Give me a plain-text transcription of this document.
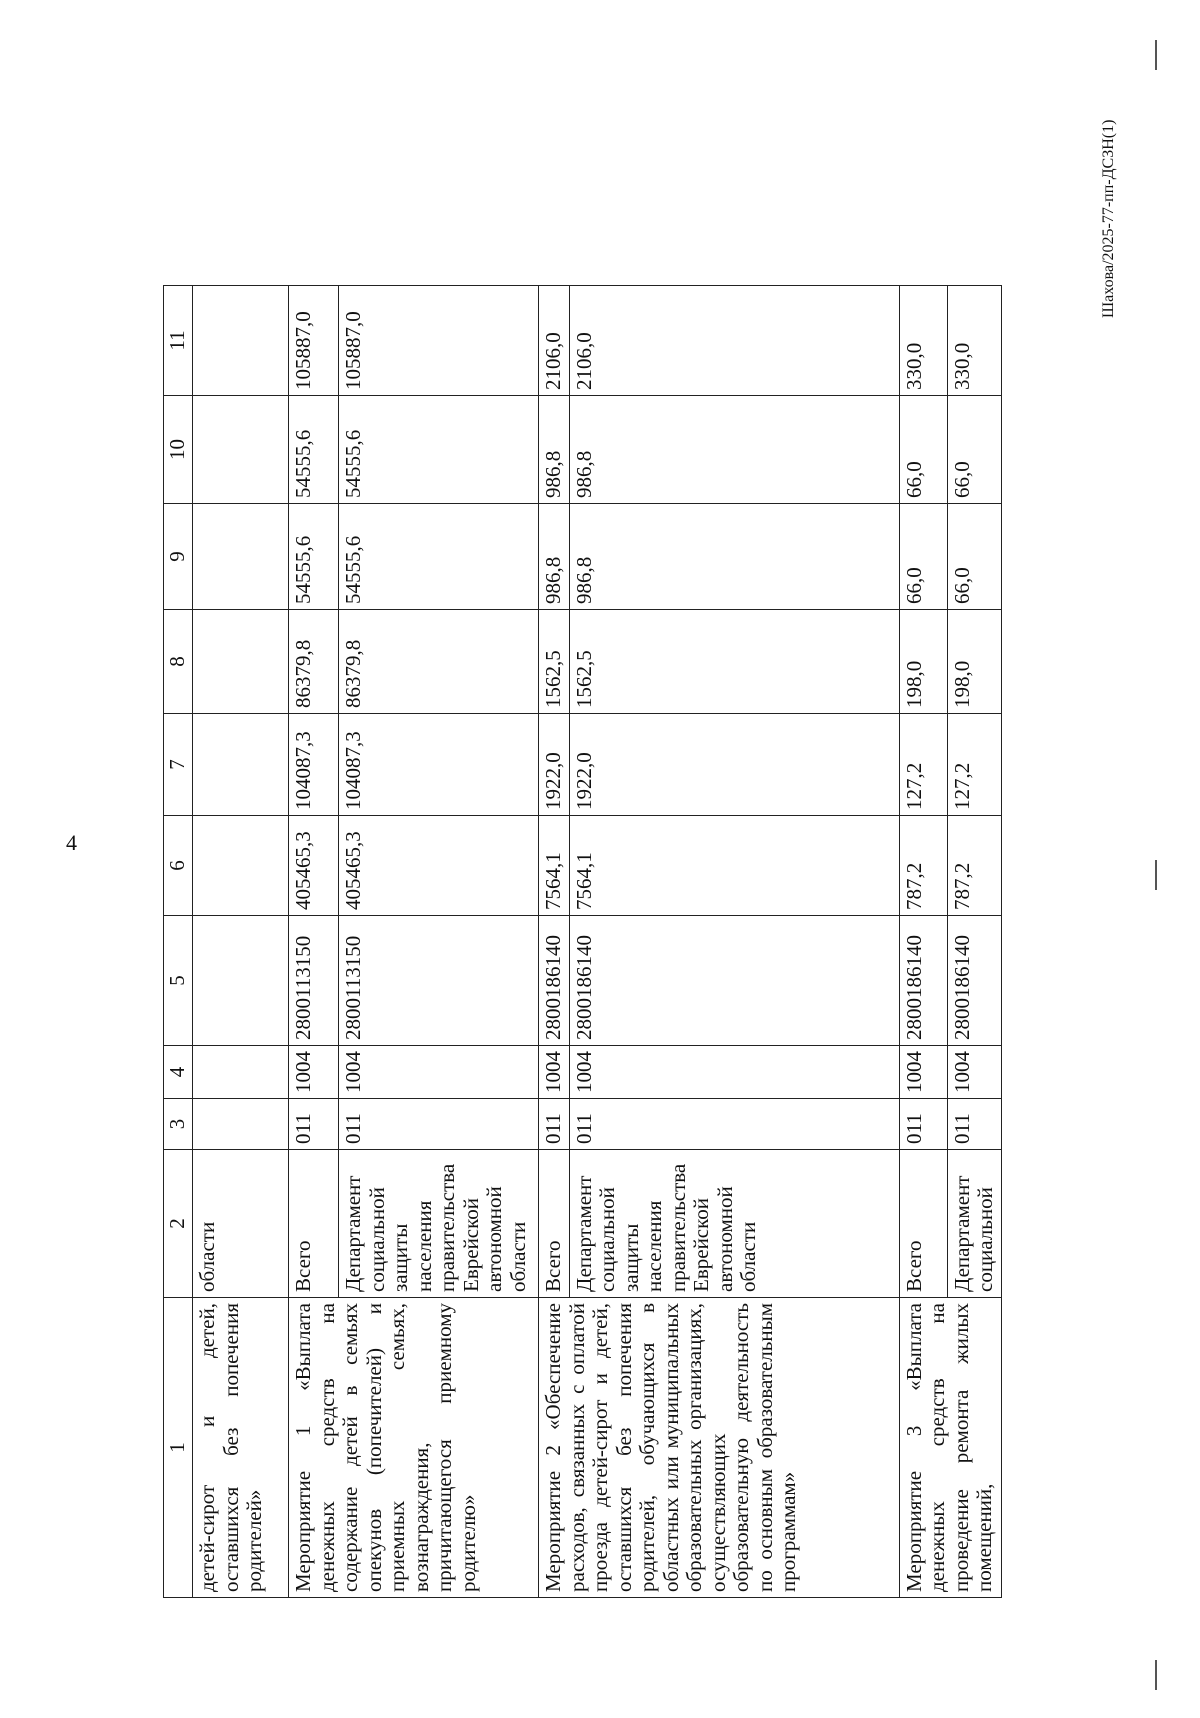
4
1	2	3	4	5	6	7	8	9	10	11
детей-сирот и детей, оставшихся без попечения родителей»	области									
Мероприятие 1 «Выплата денежных средств на содержание детей в семьях опекунов (попечителей) и приемных семьях, вознаграждения, причитающегося приемному родителю»	Всего	011	1004	2800113150	405465,3	104087,3	86379,8	54555,6	54555,6	105887,0
	Департамент социальной защиты населения правительства Еврейской автономной области	011	1004	2800113150	405465,3	104087,3	86379,8	54555,6	54555,6	105887,0
Мероприятие 2 «Обеспечение расходов, связанных с оплатой проезда детей-сирот и детей, оставшихся без попечения родителей, обучающихся в областных или муниципальных образовательных организациях, осуществляющих образовательную деятельность по основным образовательным программам»	Всего	011	1004	2800186140	7564,1	1922,0	1562,5	986,8	986,8	2106,0
	Департамент социальной защиты населения правительства Еврейской автономной области	011	1004	2800186140	7564,1	1922,0	1562,5	986,8	986,8	2106,0
Мероприятие 3 «Выплата денежных средств на проведение ремонта жилых помещений,	Всего	011	1004	2800186140	787,2	127,2	198,0	66,0	66,0	330,0
	Департамент социальной	011	1004	2800186140	787,2	127,2	198,0	66,0	66,0	330,0
Шахова/2025-77-пп-ДСЗН(1)
